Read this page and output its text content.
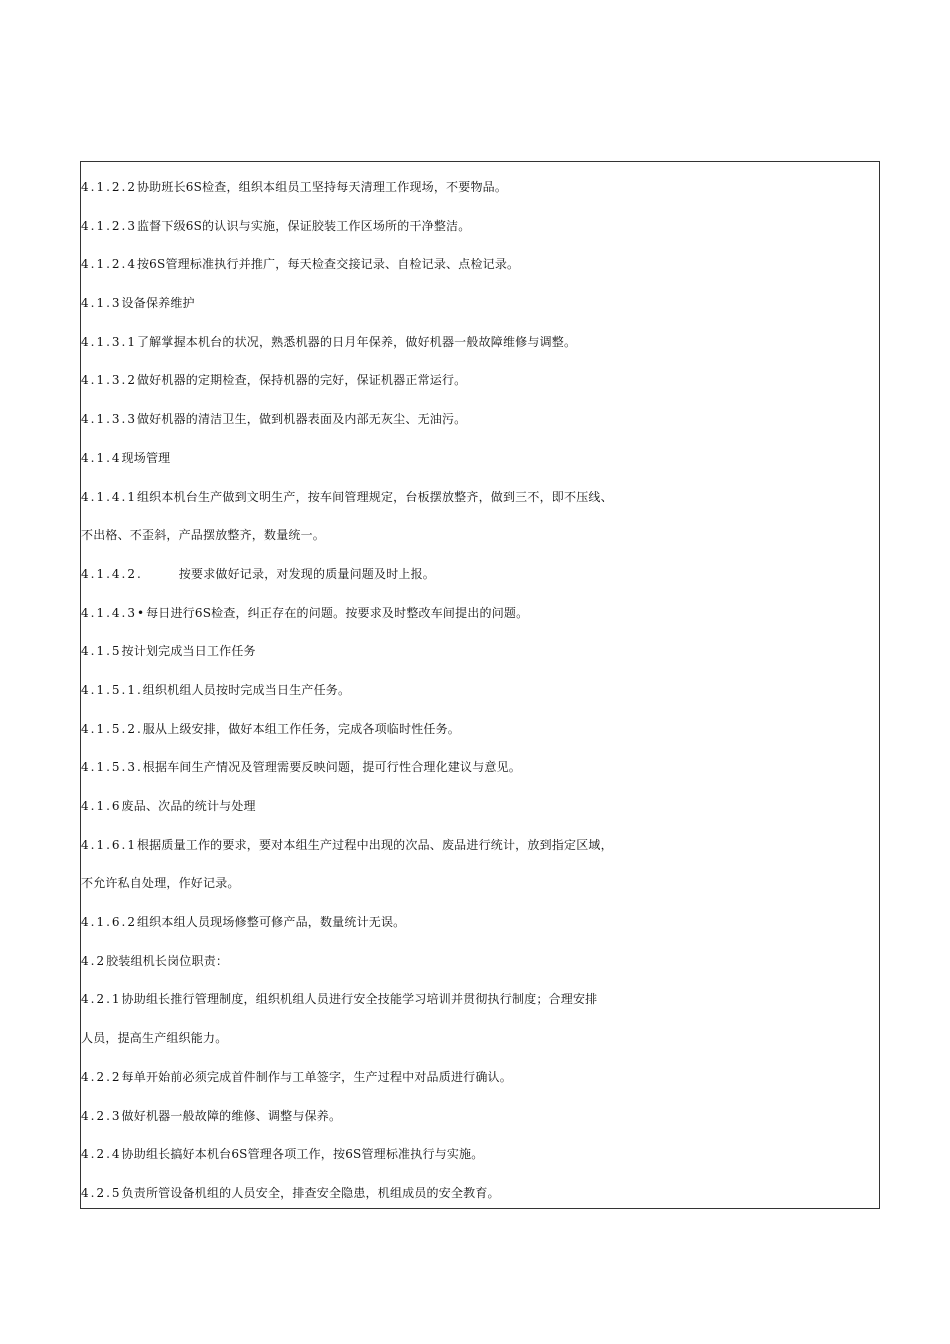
4.1.2.2协助班长6S检查，组织本组员工坚持每天清理工作现场，不要物品。
4.1.2.3监督下级6S的认识与实施，保证胶装工作区场所的干净整洁。
4.1.2.4按6S管理标准执行并推广，每天检查交接记录、自检记录、点检记录。
4.1.3设备保养维护
4.1.3.1了解掌握本机台的状况，熟悉机器的日月年保养，做好机器一般故障维修与调整。
4.1.3.2做好机器的定期检查，保持机器的完好，保证机器正常运行。
4.1.3.3做好机器的清洁卫生，做到机器表面及内部无灰尘、无油污。
4.1.4现场管理
4.1.4.1组织本机台生产做到文明生产，按车间管理规定，台板摆放整齐，做到三不，即不压线、
不出格、不歪斜，产品摆放整齐，数量统一。
4.1.4.2.	按要求做好记录，对发现的质量问题及时上报。
4.1.4.3•每日进行6S检查，纠正存在的问题。按要求及时整改车间提出的问题。
4.1.5按计划完成当日工作任务
4.1.5.1.组织机组人员按时完成当日生产任务。
4.1.5.2.服从上级安排，做好本组工作任务，完成各项临时性任务。
4.1.5.3.根据车间生产情况及管理需要反映问题，提可行性合理化建议与意见。
4.1.6废品、次品的统计与处理
4.1.6.1根据质量工作的要求，要对本组生产过程中出现的次品、废品进行统计，放到指定区域，
不允许私自处理，作好记录。
4.1.6.2组织本组人员现场修整可修产品，数量统计无误。
4.2胶装组机长岗位职责：
4.2.1协助组长推行管理制度，组织机组人员进行安全技能学习培训并贯彻执行制度；合理安排
人员，提高生产组织能力。
4.2.2每单开始前必须完成首件制作与工单签字，生产过程中对品质进行确认。
4.2.3做好机器一般故障的维修、调整与保养。
4.2.4协助组长搞好本机台6S管理各项工作，按6S管理标准执行与实施。
4.2.5负责所管设备机组的人员安全，排查安全隐患，机组成员的安全教育。
